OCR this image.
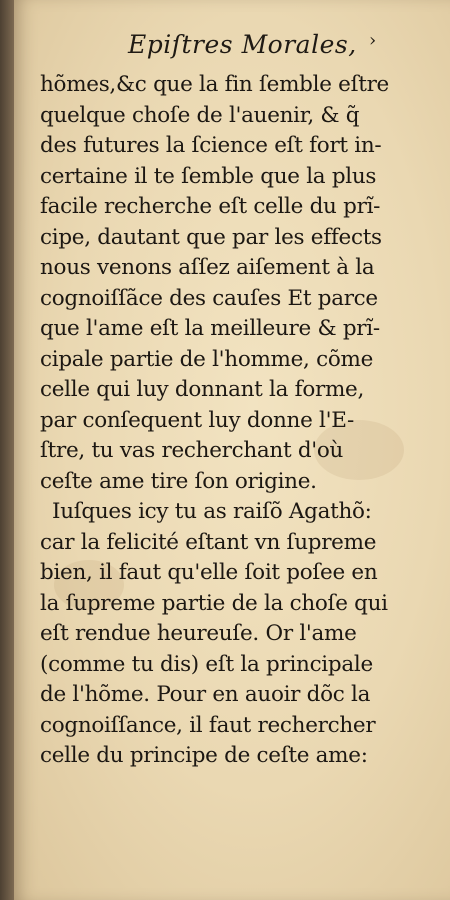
Epiſtres Morales, ›
hõmes,&c que la fin ſemble eſtre
quelque choſe de l'auenir, & q̃
des futures la ſcience eſt fort in-
certaine il te ſemble que la plus
facile recherche eſt celle du prĩ-
cipe, dautant que par les effects
nous venons aſſez aiſement à la
cognoiſſãce des cauſes Et parce
que l'ame eſt la meilleure & prĩ-
cipale partie de l'homme, cõme
celle qui luy donnant la forme,
par conſequent luy donne l'E-
ſtre, tu vas recherchant d'où
ceſte ame tire ſon origine.
Iuſques icy tu as raiſõ Agathõ:
car la felicité eſtant vn ſupreme
bien, il faut qu'elle ſoit poſee en
la ſupreme partie de la choſe qui
eſt rendue heureuſe. Or l'ame
(comme tu dis) eſt la principale
de l'hõme. Pour en auoir dõc la
cognoiſſance, il faut rechercher
celle du principe de ceſte ame:
